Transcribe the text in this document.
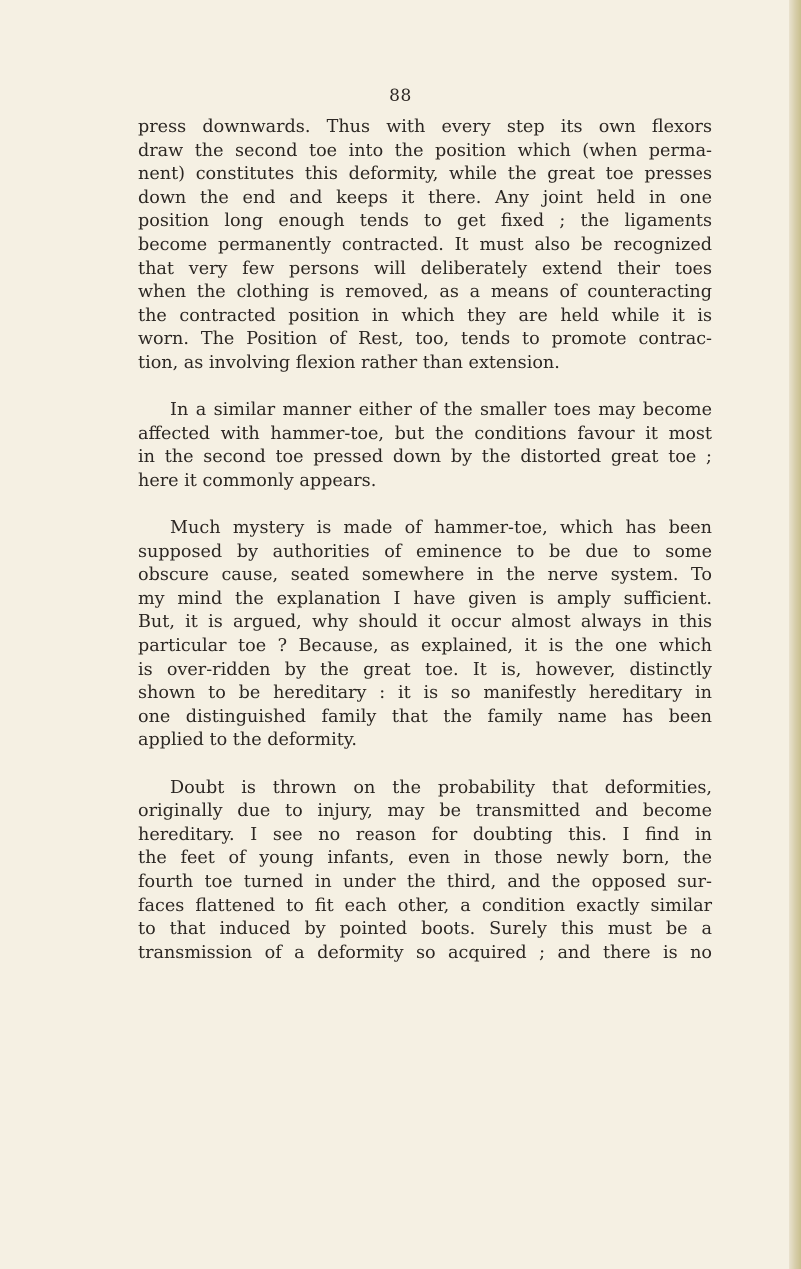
88

press downwards. Thus with every step its own flexors
draw the second toe into the position which (when perma-
nent) constitutes this deformity, while the great toe presses
down the end and keeps it there. Any joint held in one
position long enough tends to get fixed ; the ligaments
become permanently contracted. It must also be recognized
that very few persons will deliberately extend their toes
when the clothing is removed, as a means of counteracting
the contracted position in which they are held while it is
worn. The Position of Rest, too, tends to promote contrac-
tion, as involving flexion rather than extension.

In a similar manner either of the smaller toes may become
affected with hammer-toe, but the conditions favour it most
in the second toe pressed down by the distorted great toe ;
here it commonly appears.

Much mystery is made of hammer-toe, which has been
supposed by authorities of eminence to be due to some
obscure cause, seated somewhere in the nerve system. To
my mind the explanation I have given is amply sufficient.
But, it is argued, why should it occur almost always in this
particular toe ? Because, as explained, it is the one which
is over-ridden by the great toe. It is, however, distinctly
shown to be hereditary : it is so manifestly hereditary in
one distinguished family that the family name has been
applied to the deformity.

Doubt is thrown on the probability that deformities,
originally due to injury, may be transmitted and become
hereditary. I see no reason for doubting this. I find in
the feet of young infants, even in those newly born, the
fourth toe turned in under the third, and the opposed sur-
faces flattened to fit each other, a condition exactly similar
to that induced by pointed boots. Surely this must be a
transmission of a deformity so acquired ; and there is no
